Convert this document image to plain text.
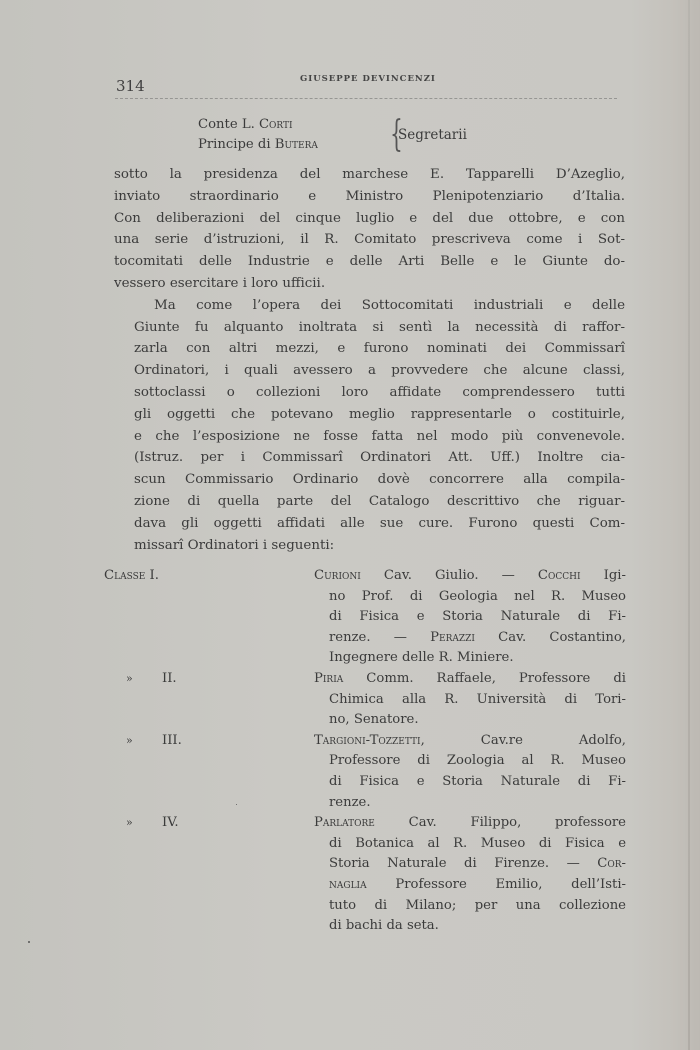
314	GIUSEPPE DEVINCENZI
Conte L. Corti
Principe di Butera {
Segretarii

sotto la presidenza del marchese E. Tapparelli D’Azeglio,
inviato straordinario e Ministro Plenipotenziario d’Italia.
Con deliberazioni del cinque luglio e del due ottobre, e con
una serie d’istruzioni, il R. Comitato prescriveva come i Sot-
tocomitati delle Industrie e delle Arti Belle e le Giunte do-
vessero esercitare i loro ufficii.

Ma come l’opera dei Sottocomitati industriali e delle
Giunte fu alquanto inoltrata si sentì la necessità di raffor-
zarla con altri mezzi, e furono nominati dei Commissarî
Ordinatori, i quali avessero a provvedere che alcune classi,
sottoclassi o collezioni loro affidate comprendessero tutti
gli oggetti che potevano meglio rappresentarle o costituirle,
e che l’esposizione ne fosse fatta nel modo più convenevole.
(Istruz. per i Commissarî Ordinatori Att. Uff.) Inoltre cia-
scun Commissario Ordinario dovè concorrere alla compila-
zione di quella parte del Catalogo descrittivo che riguar-
dava gli oggetti affidati alle sue cure. Furono questi Com-
missarî Ordinatori i seguenti:

Classe I.	Curioni Cav. Giulio. — Cocchi Igi-
no Prof. di Geologia nel R. Museo
di Fisica e Storia Naturale di Fi-
renze. — Perazzi Cav. Costantino,
Ingegnere delle R. Miniere.
» II.	Piria Comm. Raffaele, Professore di
Chimica alla R. Università di Tori-
no, Senatore.
» III.	Targioni-Tozzetti, Cav.re Adolfo,
Professore di Zoologia al R. Museo
di Fisica e Storia Naturale di Fi-
renze.
» IV.	Parlatore Cav. Filippo, professore
di Botanica al R. Museo di Fisica e
Storia Naturale di Firenze. — Cor-
naglia Professore Emilio, dell’Isti-
tuto di Milano; per una collezione
di bachi da seta.
